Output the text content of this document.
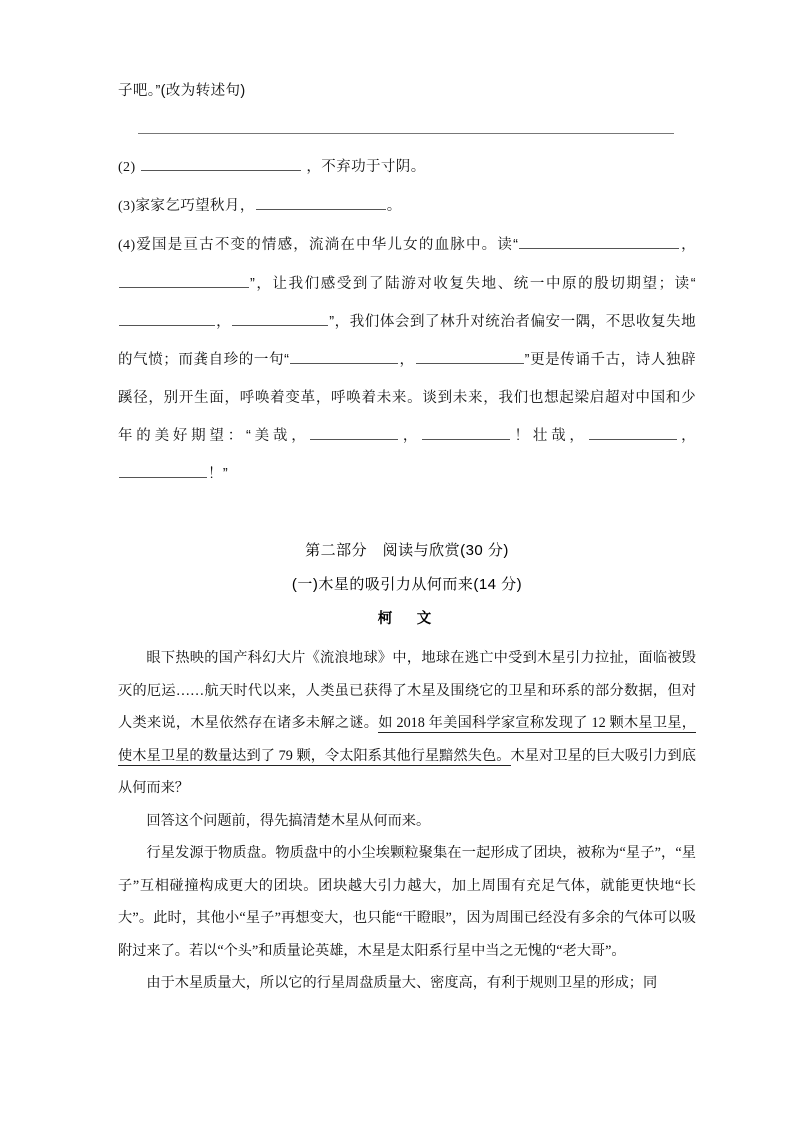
子吧。”(改为转述句)
(2)	，不弃功于寸阴。
(3)家家乞巧望秋月，	。
(4)爱国是亘古不变的情感，流淌在中华儿女的血脉中。读“	，”，让我们感受到了陆游对收复失地、统一中原的殷切期望；读“，	”，我们体会到了林升对统治者偏安一隅，不思收复失地的气愤；而龚自珍的一句“	，	”更是传诵千古，诗人独辟蹊径，别开生面，呼唤着变革，呼唤着未来。谈到未来，我们也想起梁启超对中国和少年的美好期望：“美哉，	，	！壮哉，	，！”
第二部分　阅读与欣赏(30 分)
(一)木星的吸引力从何而来(14 分)
柯　文

眼下热映的国产科幻大片《流浪地球》中，地球在逃亡中受到木星引力拉扯，面临被毁灭的厄运……航天时代以来，人类虽已获得了木星及围绕它的卫星和环系的部分数据，但对人类来说，木星依然存在诸多未解之谜。如 2018 年美国科学家宣称发现了 12 颗木星卫星，使木星卫星的数量达到了 79 颗，令太阳系其他行星黯然失色。木星对卫星的巨大吸引力到底从何而来？

回答这个问题前，得先搞清楚木星从何而来。

行星发源于物质盘。物质盘中的小尘埃颗粒聚集在一起形成了团块，被称为“星子”，“星子”互相碰撞构成更大的团块。团块越大引力越大，加上周围有充足气体，就能更快地“长大”。此时，其他小“星子”再想变大，也只能“干瞪眼”，因为周围已经没有多余的气体可以吸附过来了。若以“个头”和质量论英雄，木星是太阳系行星中当之无愧的“老大哥”。

由于木星质量大，所以它的行星周盘质量大、密度高，有利于规则卫星的形成；同
